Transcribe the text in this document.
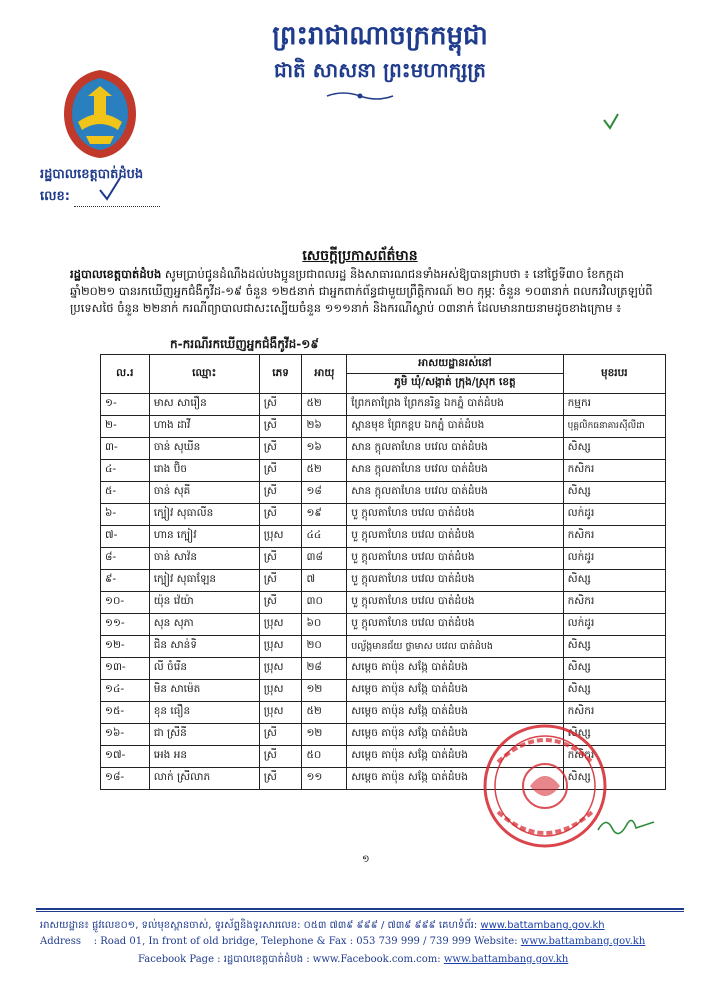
ព្រះរាជាណាចក្រកម្ពុជា
ជាតិ សាសនា ព្រះមហាក្សត្រ
រដ្ឋបាលខេត្តបាត់ដំបង
លេខ:
សេចក្តីប្រកាសព័ត៌មាន
រដ្ឋបាលខេត្តបាត់ដំបង សូមប្រាប់ជូនដំណឹងដល់បងប្អូនប្រជាពលរដ្ឋ និងសាធារណជនទាំងអស់ឱ្យបានជ្រាបថា ៖ នៅថ្ងៃទី៣០ ខែកក្កដា ឆ្នាំ២០២១ បានរកឃើញអ្នកជំងឺកូវីដ-១៩ ចំនួន ១២៥នាក់ ជាអ្នកពាក់ព័ន្ធជាមួយព្រឹត្តិការណ៍ ២០ កុម្ភៈ ចំនួន ១០៣នាក់ ពលករវិលត្រឡប់ពីប្រទេសថៃ ចំនួន ២២នាក់ ករណីព្យាបាលជាសះស្បើយចំនួន ១១១នាក់ និងករណីស្លាប់ ០៣នាក់ ដែលមានរាយនាមដូចខាងក្រោម ៖
ក-ករណីរកឃើញអ្នកជំងឺកូវីដ-១៩
ល.រ	ឈ្មោះ	ភេទ	អាយុ	អាសយដ្ឋានរស់នៅ	មុខរបរ
				ភូមិ ឃុំ/សង្កាត់ ក្រុង/ស្រុក ខេត្ត	
១-	មាស សារឿន	ស្រី	៥២	ព្រែកតាព្រែង ព្រែកនរិន្ទ ឯកភ្នំ បាត់ដំបង	កម្មករ
២-	ហាង ដាវី	ស្រី	២៦	ស្ពានមុខ ព្រែកខ្ពប ឯកភ្នំ បាត់ដំបង	បុគ្គលិកធនាគារសុីលីដា
៣-	ចាន់ សុឃីន	ស្រី	១៦	សាន ក្តុលតាហែន បវេល បាត់ដំបង	សិស្ស
៤-	រោង ប៊ិច	ស្រី	៥២	សាន ក្តុលតាហែន បវេល បាត់ដំបង	កសិករ
៥-	ចាន់ សុគី	ស្រី	១៨	សាន ក្តុលតាហែន បវេល បាត់ដំបង	សិស្ស
៦-	ក្បៀវ សុធាលីន	ស្រី	១៩	បួ ក្តុលតាហែន បវេល បាត់ដំបង	លក់ដូរ
៧-	ហាន ក្បៀវ	ប្រុស	៤៤	បួ ក្តុលតាហែន បវេល បាត់ដំបង	កសិករ
៨-	ចាន់ សាវ៉ន	ស្រី	៣៨	បួ ក្តុលតាហែន បវេល បាត់ដំបង	លក់ដូរ
៩-	ក្បៀវ សុធាឡែន	ស្រី	៧	បួ ក្តុលតាហែន បវេល បាត់ដំបង	សិស្ស
១០-	យ៉ុន វ៉េយ៉ា	ស្រី	៣០	បួ ក្តុលតាហែន បវេល បាត់ដំបង	កសិករ
១១-	សុន សុភា	ប្រុស	៦០	បួ ក្តុលតាហែន បវេល បាត់ដំបង	លក់ដូរ
១២-	ជិន សាន់ទិ	ប្រុស	២០	បល្ល័ង្កមានជ័យ ថ្លាមាស បវេល បាត់ដំបង	សិស្ស
១៣-	លី ចំរើន	ប្រុស	២៨	សម្ដេច តាប៉ុន សង្កែ បាត់ដំបង	សិស្ស
១៤-	មិន សាម៉េត	ប្រុស	១២	សម្ដេច តាប៉ុន សង្កែ បាត់ដំបង	សិស្ស
១៥-	ខុន ធឿន	ប្រុស	៥២	សម្ដេច តាប៉ុន សង្កែ បាត់ដំបង	កសិករ
១៦-	ជា ស្រីនី	ស្រី	១២	សម្ដេច តាប៉ុន សង្កែ បាត់ដំបង	សិស្ស
១៧-	អេង អន	ស្រី	៥០	សម្ដេច តាប៉ុន សង្កែ បាត់ដំបង	កសិករ
១៨-	លាក់ ស្រីលាភ	ស្រី	១១	សម្ដេច តាប៉ុន សង្កែ បាត់ដំបង	សិស្ស
១
អាសយដ្ឋាន៖ ផ្លូវលេខ០១, ទល់មុខស្ពានចាស់, ទូរស័ព្ទនិងទូរសារលេខ: ០៥៣ ៧៣៩ ៩៩៩ / ៧៣៩ ៩៩៩ គេហទំព័រ: www.battambang.gov.kh
Address : Road 01, In front of old bridge, Telephone & Fax : 053 739 999 / 739 999 Website: www.battambang.gov.kh
Facebook Page : រដ្ឋបាលខេត្តបាត់ដំបង : www.Facebook.com.com: www.battambang.gov.kh
